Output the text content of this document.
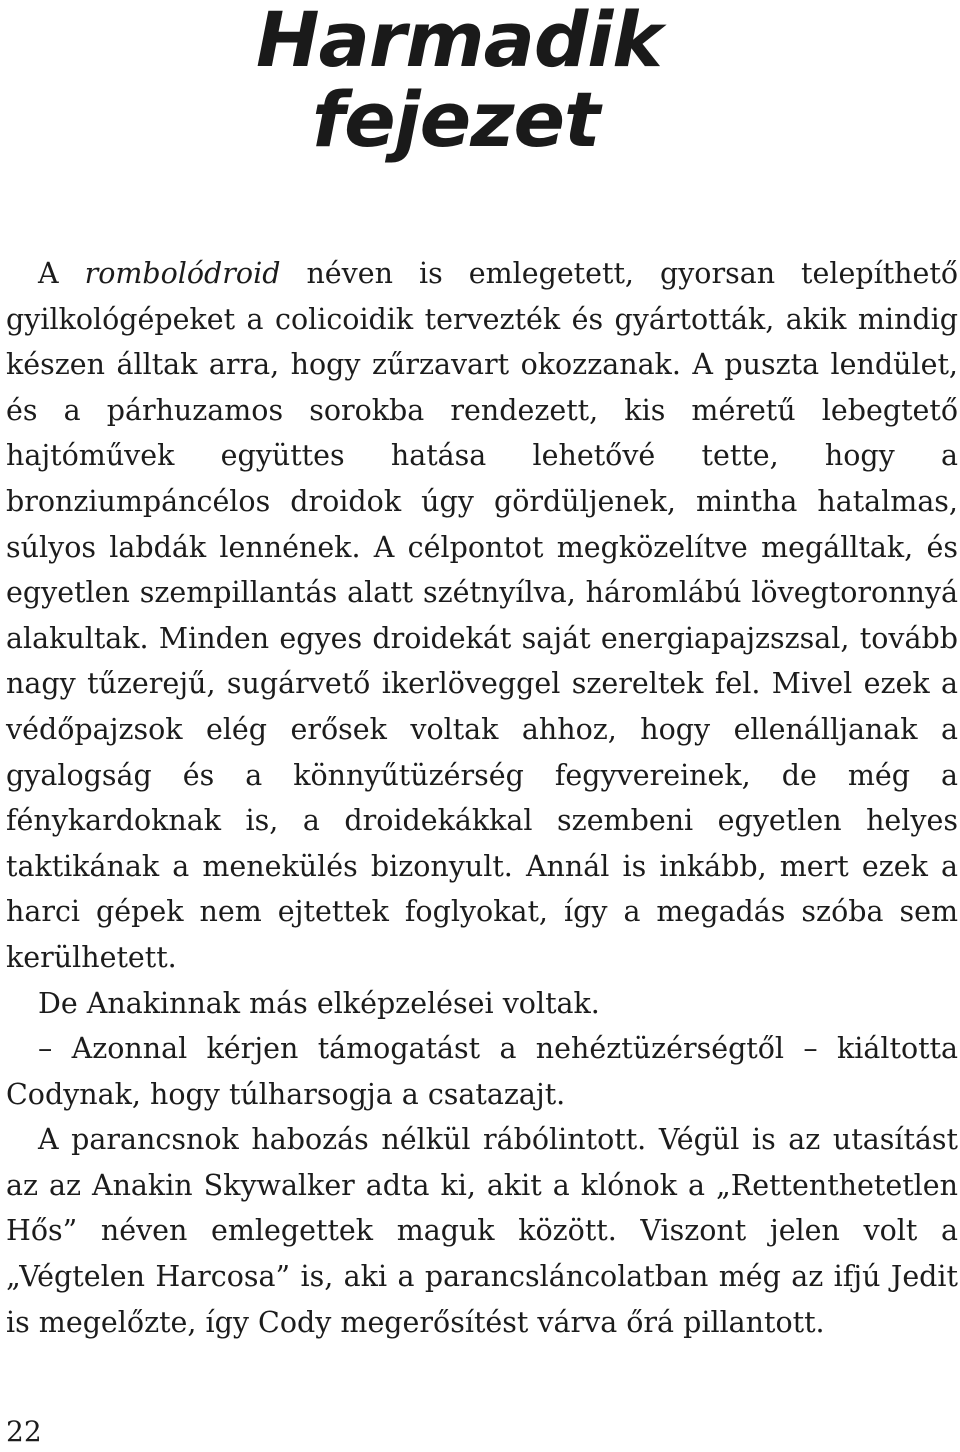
Harmadik
fejezet

A rombolódroid néven is emlegetett, gyorsan telepíthető gyilkológépeket a colicoidik tervezték és gyártották, akik mindig készen álltak arra, hogy zűrzavart okozzanak. A puszta lendület, és a párhuzamos sorokba rendezett, kis méretű lebegtető hajtóművek együttes hatása lehetővé tette, hogy a bronziumpáncélos droidok úgy gördüljenek, mintha hatalmas, súlyos labdák lennének. A célpontot megközelítve megálltak, és egyetlen szempillantás alatt szétnyílva, háromlábú lövegtoronnyá alakultak. Minden egyes droidekát saját energiapajzszsal, tovább nagy tűzerejű, sugárvető ikerlöveggel szereltek fel. Mivel ezek a védőpajzsok elég erősek voltak ahhoz, hogy ellenálljanak a gyalogság és a könnyűtüzérség fegyvereinek, de még a fénykardoknak is, a droidekákkal szembeni egyetlen helyes taktikának a menekülés bizonyult. Annál is inkább, mert ezek a harci gépek nem ejtettek foglyokat, így a megadás szóba sem kerülhetett.

De Anakinnak más elképzelései voltak.

– Azonnal kérjen támogatást a nehéztüzérségtől – kiáltotta Codynak, hogy túlharsogja a csatazajt.

A parancsnok habozás nélkül rábólintott. Végül is az utasítást az az Anakin Skywalker adta ki, akit a klónok a „Rettenthetetlen Hős” néven emlegettek maguk között. Viszont jelen volt a „Végtelen Harcosa” is, aki a parancsláncolatban még az ifjú Jedit is megelőzte, így Cody megerősítést várva őrá pillantott.

22
